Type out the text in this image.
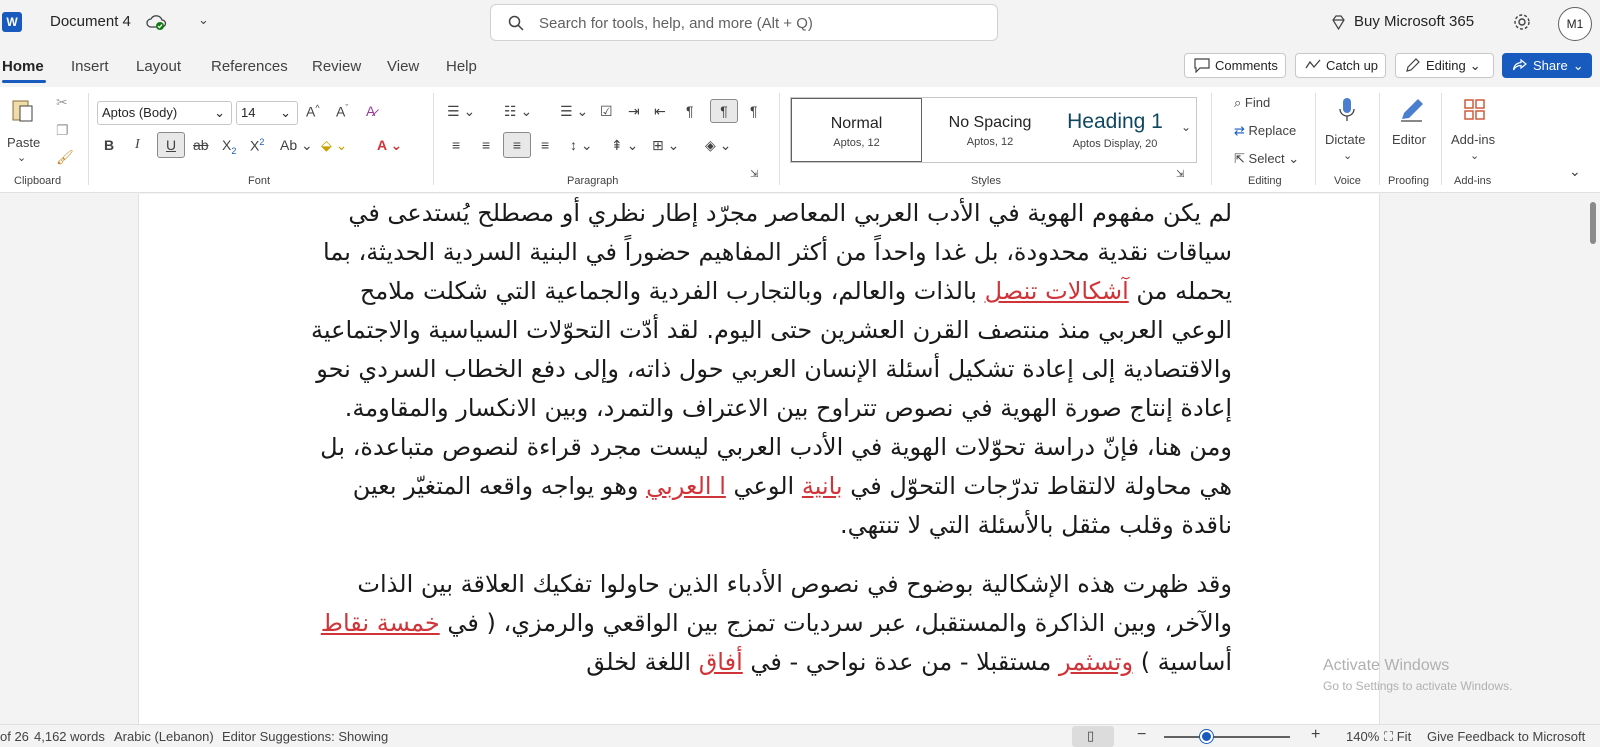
W Document 4	⌄	Search for tools, help, and more (Alt + Q)	Buy Microsoft 365	M1
Home Insert Layout References Review View Help	Comments	Catch up	Editing ⌄	Share ⌄
Paste
⌄
✂
❐
🖌
Clipboard
Aptos (Body)	⌄	14 ⌄ A^ $A^ˇ$ A̷
B I	U	ab $X_2$ $X^2$ Ab ⌄ ⬙ ⌄ A ⌄
Font
☰ ⌄ ☷ ⌄ ☰ ⌄ ☑ ⇥ ⇤ ¶	¶	¶
≡ ≡	≡	≡ ↕ ⌄ ⇞ ⌄ ⊞ ⌄ ◈ ⌄
⇲
Paragraph
Normal
Aptos, 12
No Spacing
Aptos, 12
Heading 1
Aptos Display, 20
⌄
⇲
Styles
⌕ Find
⇄ Replace
⇱ Select ⌄
Editing
Dictate
⌄
Voice
Editor
Proofing
Add-ins
⌄
Add-ins
⌄

لم يكن مفهوم الهوية في الأدب العربي المعاصر مجرّد إطار نظري أو مصطلح يُستدعى في سياقات نقدية محدودة، بل غدا واحداً من أكثر المفاهيم حضوراً في البنية السردية الحديثة، بما يحمله من آشكالات تنصل بالذات والعالم، وبالتجارب الفردية والجماعية التي شكلت ملامح الوعي العربي منذ منتصف القرن العشرين حتى اليوم. لقد أدّت التحوّلات السياسية والاجتماعية والاقتصادية إلى إعادة تشكيل أسئلة الإنسان العربي حول ذاته، وإلى دفع الخطاب السردي نحو إعادة إنتاج صورة الهوية في نصوص تتراوح بين الاعتراف والتمرد، وبين الانكسار والمقاومة. ومن هنا، فإنّ دراسة تحوّلات الهوية في الأدب العربي ليست مجرد قراءة لنصوص متباعدة، بل هي محاولة لالتقاط تدرّجات التحوّل في بانية الوعي ا العربي وهو يواجه واقعه المتغيّر بعين ناقدة وقلب مثقل بالأسئلة التي لا تنتهي.

وقد ظهرت هذه الإشكالية بوضوح في نصوص الأدباء الذين حاولوا تفكيك العلاقة بين الذات والآخر، وبين الذاكرة والمستقبل، عبر سرديات تمزج بين الواقعي والرمزي، ( في خمسة نقاط أساسية ) وتسثمر مستقبلا - من عدة نواحي - في أفاق اللغة لخلق	Activate Windows
Go to Settings to activate Windows.
of 26 4,162 words Arabic (Lebanon) Editor Suggestions: Showing	▯	−	+ 140% ⛶ Fit Give Feedback to Microsoft
